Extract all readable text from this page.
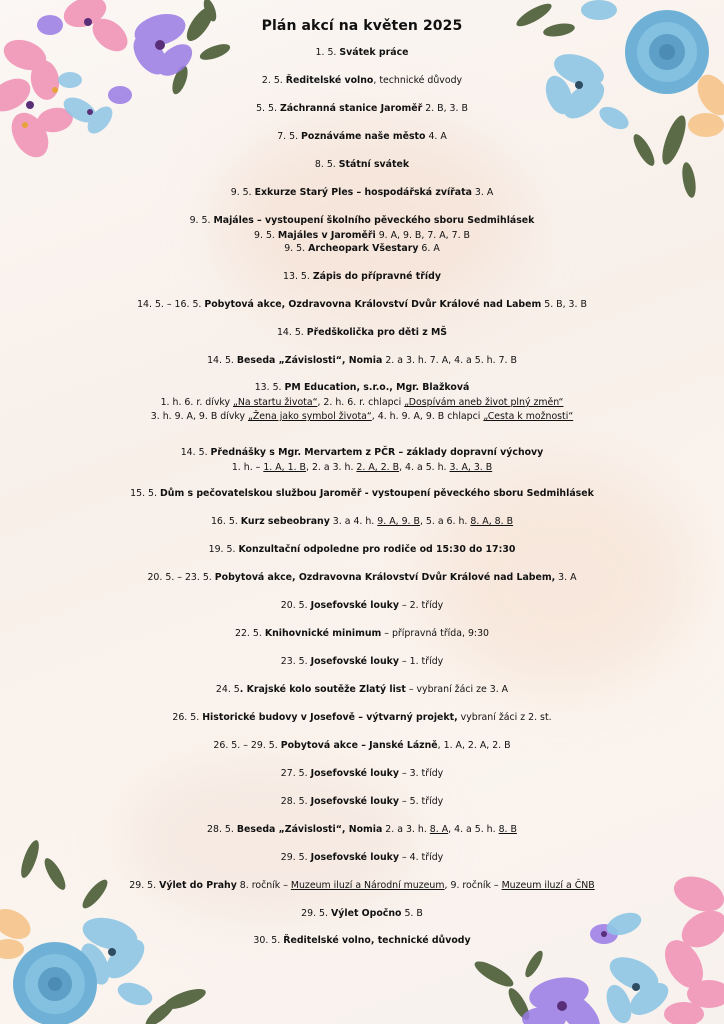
Plán akcí na květen 2025
1. 5. Svátek práce
2. 5. Ředitelské volno, technické důvody
5. 5. Záchranná stanice Jaroměř 2. B, 3. B
7. 5. Poznáváme naše město 4. A
8. 5. Státní svátek
9. 5. Exkurze Starý Ples – hospodářská zvířata 3. A
9. 5. Majáles – vystoupení školního pěveckého sboru Sedmihlásek
9. 5. Majáles v Jaroměři 9. A, 9. B, 7. A, 7. B
9. 5. Archeopark Všestary 6. A
13. 5. Zápis do přípravné třídy
14. 5. – 16. 5. Pobytová akce, Ozdravovna Království Dvůr Králové nad Labem 5. B, 3. B
14. 5. Předškolička pro děti z MŠ
14. 5. Beseda „Závislosti“, Nomia 2. a 3. h. 7. A, 4. a 5. h. 7. B
13. 5. PM Education, s.r.o., Mgr. Blažková
1. h. 6. r. dívky „Na startu života“, 2. h. 6. r. chlapci „Dospívám aneb život plný změn“
3. h. 9. A, 9. B dívky „Žena jako symbol života“, 4. h. 9. A, 9. B chlapci „Cesta k možnosti“
14. 5. Přednášky s Mgr. Mervartem z PČR – základy dopravní výchovy
1. h. – 1. A, 1. B, 2. a 3. h. 2. A, 2. B, 4. a 5. h. 3. A, 3. B
15. 5. Dům s pečovatelskou službou Jaroměř - vystoupení pěveckého sboru Sedmihlásek
16. 5. Kurz sebeobrany 3. a 4. h. 9. A, 9. B, 5. a 6. h. 8. A, 8. B
19. 5. Konzultační odpoledne pro rodiče od 15:30 do 17:30
20. 5. – 23. 5. Pobytová akce, Ozdravovna Království Dvůr Králové nad Labem, 3. A
20. 5. Josefovské louky – 2. třídy
22. 5. Knihovnické minimum – přípravná třída, 9:30
23. 5. Josefovské louky – 1. třídy
24. 5. Krajské kolo soutěže Zlatý list – vybraní žáci ze 3. A
26. 5. Historické budovy v Josefově – výtvarný projekt, vybraní žáci z 2. st.
26. 5. – 29. 5. Pobytová akce – Janské Lázně, 1. A, 2. A, 2. B
27. 5. Josefovské louky – 3. třídy
28. 5. Josefovské louky – 5. třídy
28. 5. Beseda „Závislosti“, Nomia 2. a 3. h. 8. A, 4. a 5. h. 8. B
29. 5. Josefovské louky – 4. třídy
29. 5. Výlet do Prahy 8. ročník – Muzeum iluzí a Národní muzeum, 9. ročník – Muzeum iluzí a ČNB
29. 5. Výlet Opočno 5. B
30. 5. Ředitelské volno, technické důvody
